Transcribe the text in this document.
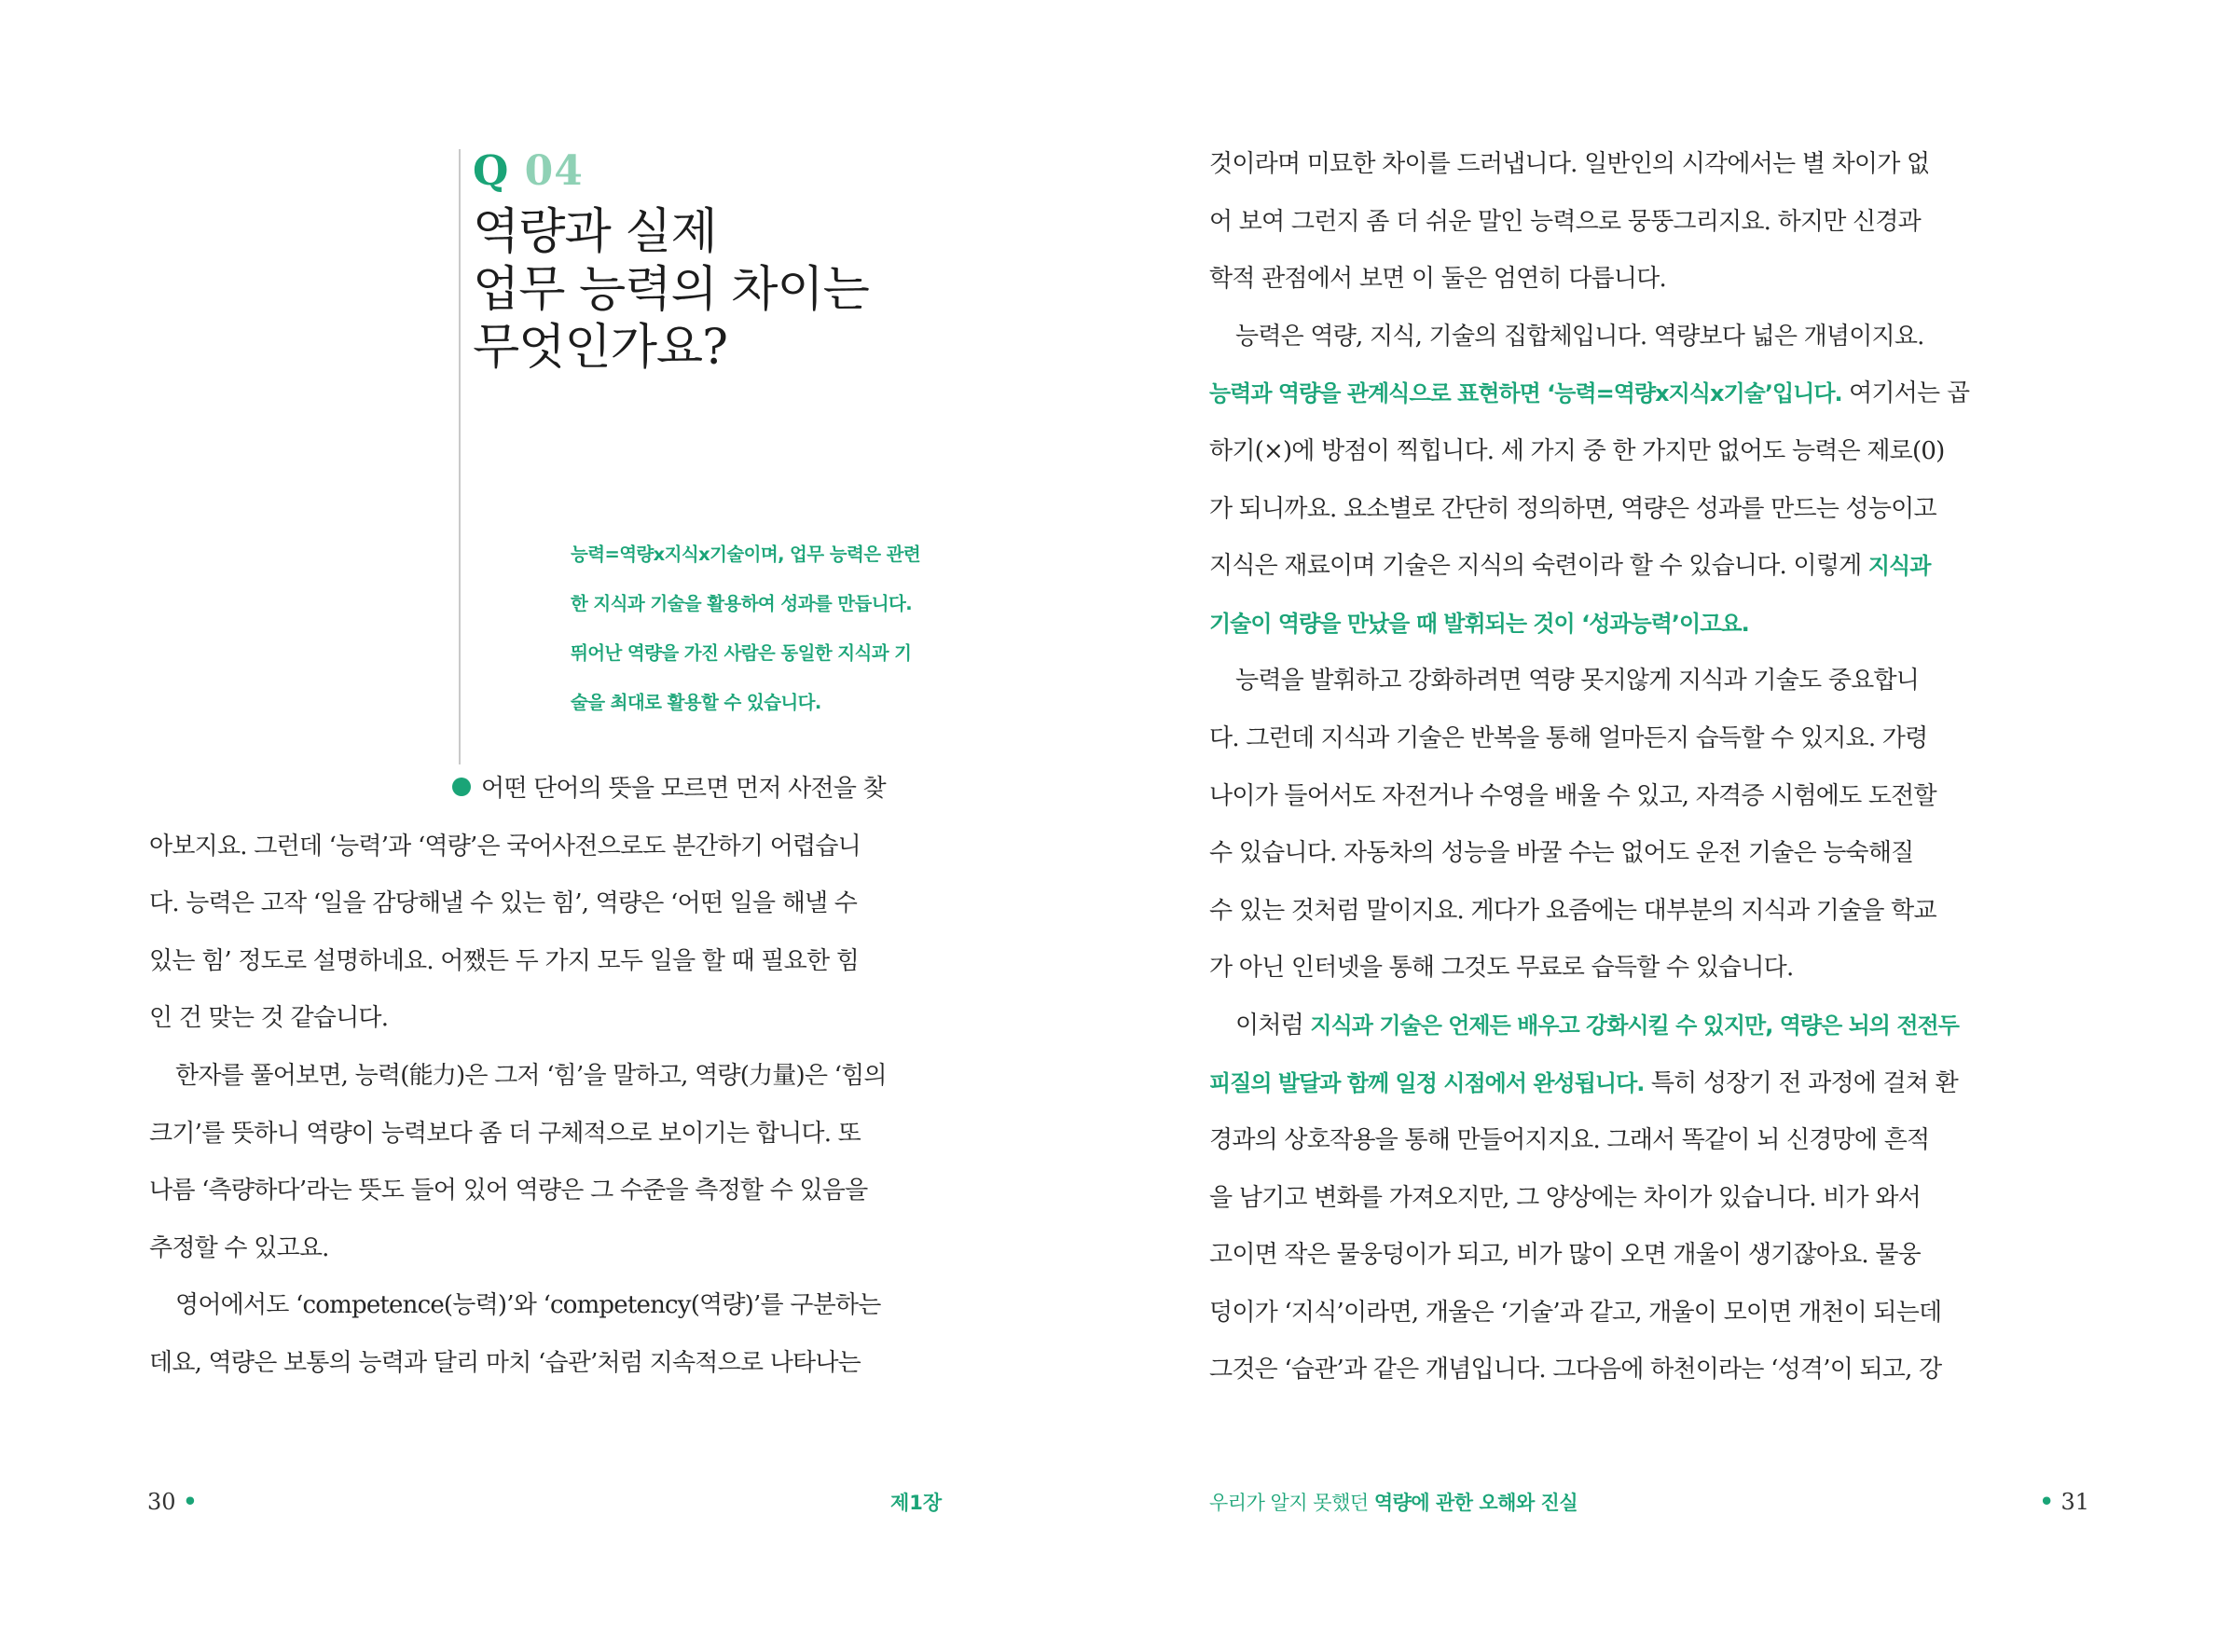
Q 04
역량과 실제
업무 능력의 차이는
무엇인가요?
능력=역량x지식x기술이며, 업무 능력은 관련
한 지식과 기술을 활용하여 성과를 만듭니다.
뛰어난 역량을 가진 사람은 동일한 지식과 기
술을 최대로 활용할 수 있습니다.
어떤 단어의 뜻을 모르면 먼저 사전을 찾
아보지요. 그런데 ‘능력’과 ‘역량’은 국어사전으로도 분간하기 어렵습니
다. 능력은 고작 ‘일을 감당해낼 수 있는 힘’, 역량은 ‘어떤 일을 해낼 수
있는 힘’ 정도로 설명하네요. 어쨌든 두 가지 모두 일을 할 때 필요한 힘
인 건 맞는 것 같습니다.
한자를 풀어보면, 능력(能力)은 그저 ‘힘’을 말하고, 역량(力量)은 ‘힘의
크기’를 뜻하니 역량이 능력보다 좀 더 구체적으로 보이기는 합니다. 또
나름 ‘측량하다’라는 뜻도 들어 있어 역량은 그 수준을 측정할 수 있음을
추정할 수 있고요.
영어에서도 ‘competence(능력)’와 ‘competency(역량)’를 구분하는
데요, 역량은 보통의 능력과 달리 마치 ‘습관’처럼 지속적으로 나타나는
30 •	제1장
것이라며 미묘한 차이를 드러냅니다. 일반인의 시각에서는 별 차이가 없
어 보여 그런지 좀 더 쉬운 말인 능력으로 뭉뚱그리지요. 하지만 신경과
학적 관점에서 보면 이 둘은 엄연히 다릅니다.
능력은 역량, 지식, 기술의 집합체입니다. 역량보다 넓은 개념이지요.
능력과 역량을 관계식으로 표현하면 ‘능력=역량x지식x기술’입니다. 여기서는 곱
하기(×)에 방점이 찍힙니다. 세 가지 중 한 가지만 없어도 능력은 제로(0)
가 되니까요. 요소별로 간단히 정의하면, 역량은 성과를 만드는 성능이고
지식은 재료이며 기술은 지식의 숙련이라 할 수 있습니다. 이렇게 지식과
기술이 역량을 만났을 때 발휘되는 것이 ‘성과능력’이고요.
능력을 발휘하고 강화하려면 역량 못지않게 지식과 기술도 중요합니
다. 그런데 지식과 기술은 반복을 통해 얼마든지 습득할 수 있지요. 가령
나이가 들어서도 자전거나 수영을 배울 수 있고, 자격증 시험에도 도전할
수 있습니다. 자동차의 성능을 바꿀 수는 없어도 운전 기술은 능숙해질
수 있는 것처럼 말이지요. 게다가 요즘에는 대부분의 지식과 기술을 학교
가 아닌 인터넷을 통해 그것도 무료로 습득할 수 있습니다.
이처럼 지식과 기술은 언제든 배우고 강화시킬 수 있지만, 역량은 뇌의 전전두
피질의 발달과 함께 일정 시점에서 완성됩니다. 특히 성장기 전 과정에 걸쳐 환
경과의 상호작용을 통해 만들어지지요. 그래서 똑같이 뇌 신경망에 흔적
을 남기고 변화를 가져오지만, 그 양상에는 차이가 있습니다. 비가 와서
고이면 작은 물웅덩이가 되고, 비가 많이 오면 개울이 생기잖아요. 물웅
덩이가 ‘지식’이라면, 개울은 ‘기술’과 같고, 개울이 모이면 개천이 되는데
그것은 ‘습관’과 같은 개념입니다. 그다음에 하천이라는 ‘성격’이 되고, 강
우리가 알지 못했던 역량에 관한 오해와 진실	• 31
